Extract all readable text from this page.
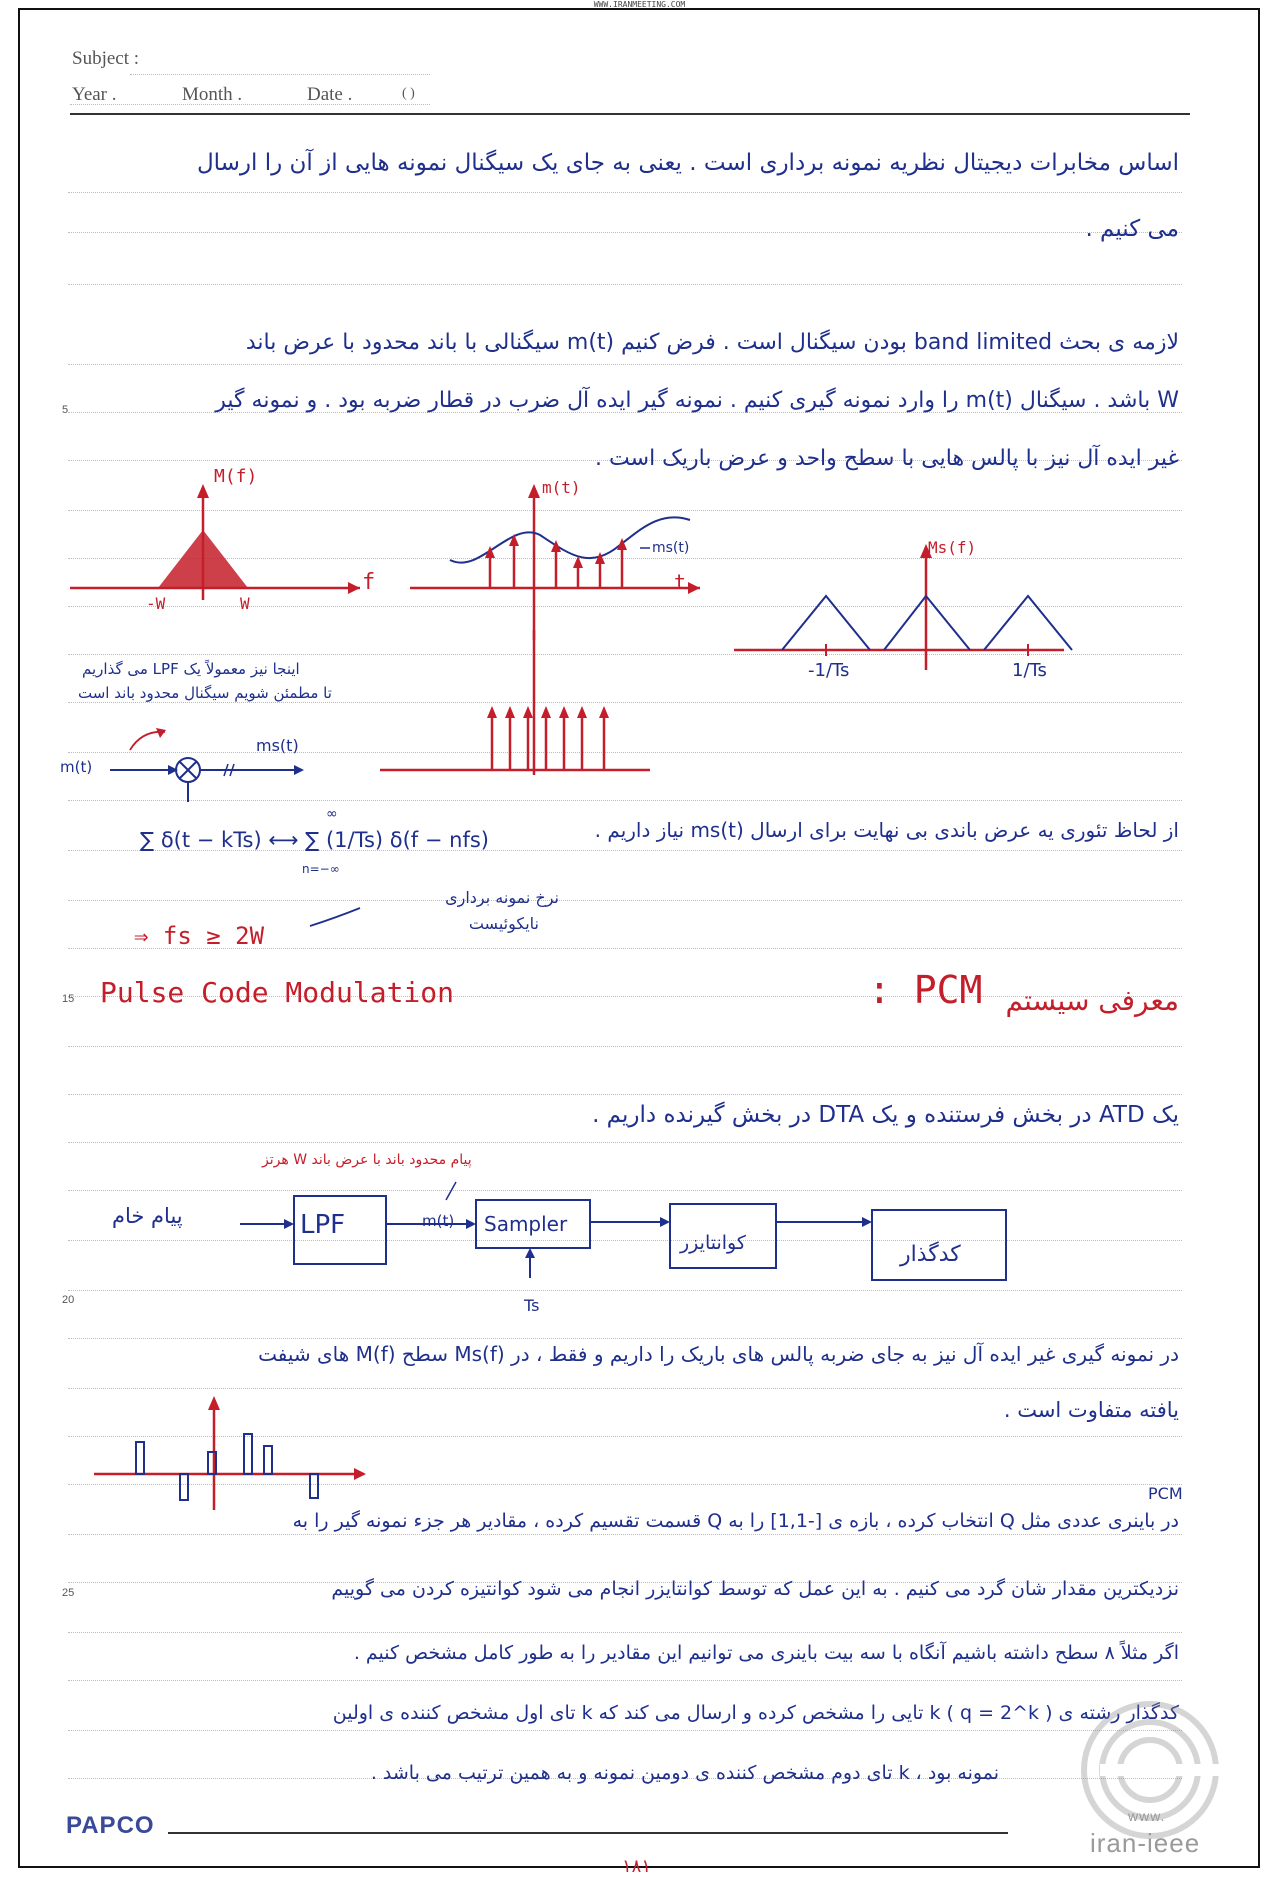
WWW.IRANMEETING.COM
Subject :
Year .	Month .	Date .	( )
5
15
20
25
اساس مخابرات دیجیتال نظریه نمونه برداری است . یعنی به جای یک سیگنال نمونه هایی از آن را ارسال
می کنیم .
لازمه ی بحث band limited بودن سیگنال است . فرض کنیم m(t) سیگنالی با باند محدود با عرض باند
W باشد . سیگنال m(t) را وارد نمونه گیری کنیم . نمونه گیر ایده آل ضرب در قطار ضربه بود . و نمونه گیر
غیر ایده آل نیز با پالس هایی با سطح واحد و عرض باریک است .
M(f)
f
-W	W
m(t)
t
ms(t)	Ms(f)
-1/Ts	1/Ts
اینجا نیز معمولاً یک LPF می گذاریم
تا مطمئن شویم سیگنال محدود باند است
m(t)
ms(t)
از لحاظ تئوری یه عرض باندی بی نهایت برای ارسال ms(t) نیاز داریم .
∑ δ(t − kTs) ⟷ ∑ (1/Ts) δ(f − nfs)
∞
n=−∞
⇒ fs ≥ 2W
نرخ نمونه برداری
نایکوئیست
Pulse Code Modulation	: PCM معرفی سیستم
یک ATD در بخش فرستنده و یک DTA در بخش گیرنده داریم .
پیام محدود باند با عرض باند W هرتز
پیام خام	LPF	m(t) Sampler
Ts
کوانتایزر	کدگذار
در نمونه گیری غیر ایده آل نیز به جای ضربه پالس های باریک را داریم و فقط ، در Ms(f) سطح M(f) های شیفت
یافته متفاوت است .
PCM
در باینری عددی مثل Q انتخاب کرده ، بازه ی [-1,1] را به Q قسمت تقسیم کرده ، مقادیر هر جزء نمونه گیر را به
نزدیکترین مقدار شان گرد می کنیم . به این عمل که توسط کوانتایزر انجام می شود کوانتیزه کردن می گوییم
اگر مثلاً ۸ سطح داشته باشیم آنگاه با سه بیت باینری می توانیم این مقادیر را به طور کامل مشخص کنیم .
کدگذار رشته ی ( q = 2^k ) k تایی را مشخص کرده و ارسال می کند که k تای اول مشخص کننده ی اولین
نمونه بود ، k تای دوم مشخص کننده ی دومین نمونه و به همین ترتیب می باشد .
PAPCO	www.
iran-ieee
۱۸۱
